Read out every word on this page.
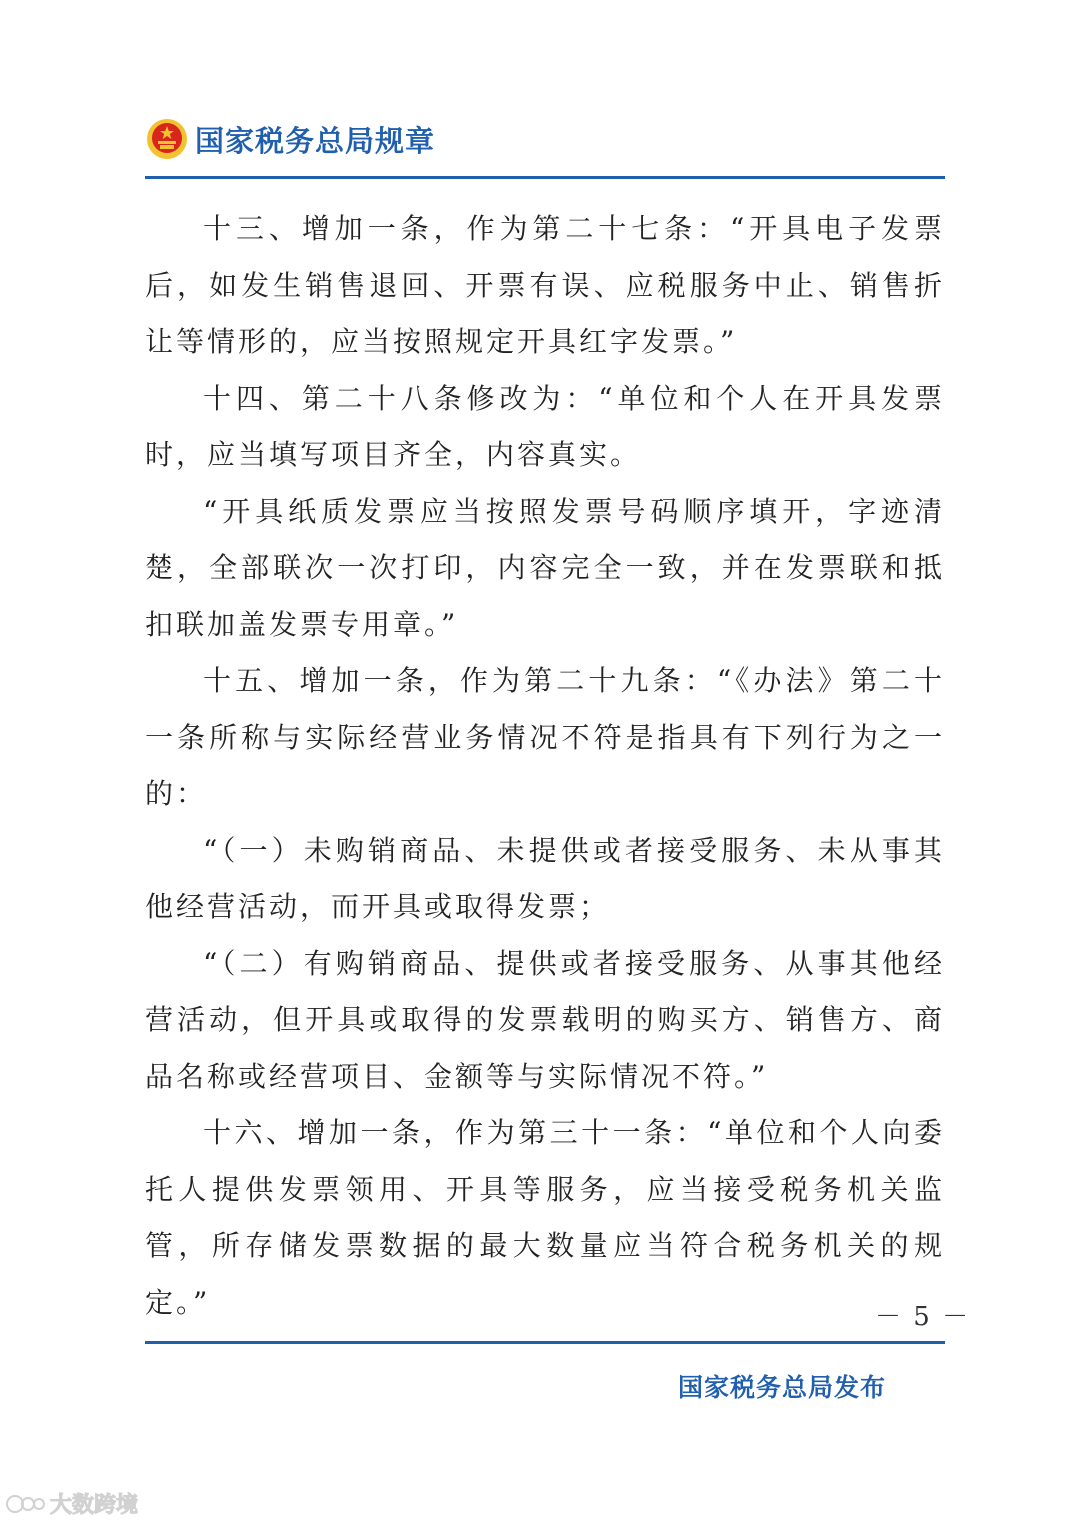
国家税务总局规章

十三、增加一条，作为第二十七条：“开具电子发票后，如发生销售退回、开票有误、应税服务中止、销售折让等情形的，应当按照规定开具红字发票。”

十四、第二十八条修改为：“单位和个人在开具发票时，应当填写项目齐全，内容真实。

“开具纸质发票应当按照发票号码顺序填开，字迹清楚，全部联次一次打印，内容完全一致，并在发票联和抵扣联加盖发票专用章。”

十五、增加一条，作为第二十九条：“《办法》第二十一条所称与实际经营业务情况不符是指具有下列行为之一的：

“（一）未购销商品、未提供或者接受服务、未从事其他经营活动，而开具或取得发票；

“（二）有购销商品、提供或者接受服务、从事其他经营活动，但开具或取得的发票载明的购买方、销售方、商品名称或经营项目、金额等与实际情况不符。”

十六、增加一条，作为第三十一条：“单位和个人向委托人提供发票领用、开具等服务，应当接受税务机关监管，所存储发票数据的最大数量应当符合税务机关的规定。”	－ 5 －
国家税务总局发布
大数跨境
